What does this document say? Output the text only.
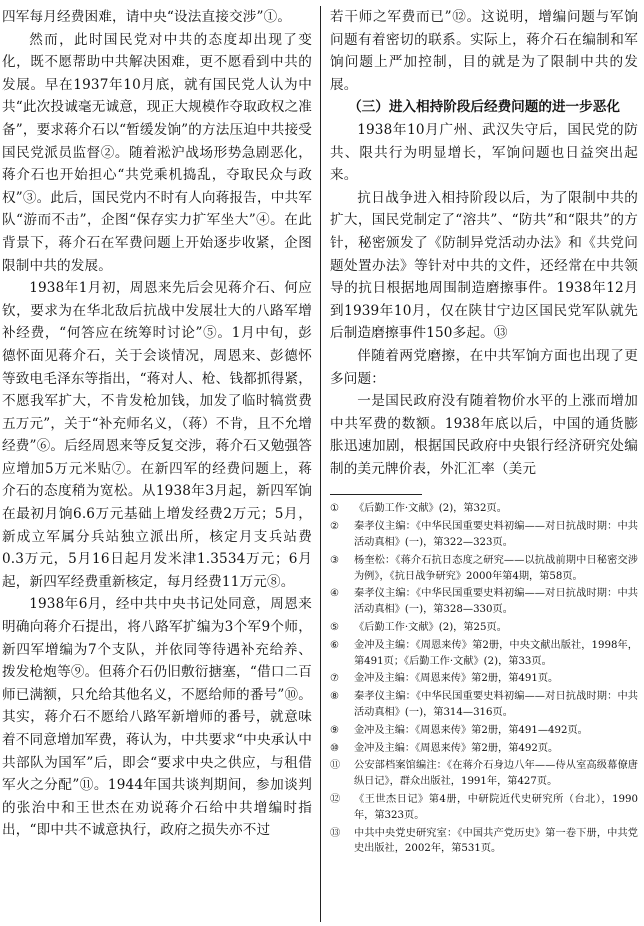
四军每月经费困难，请中央“设法直接交涉”①。

然而，此时国民党对中共的态度却出现了变化，既不愿帮助中共解决困难，更不愿看到中共的发展。早在1937年10月底，就有国民党人认为中共“此次投诚毫无诚意，现正大规模作夺取政权之准备”，要求蒋介石以“暂缓发饷”的方法压迫中共接受国民党派员监督②。随着淞沪战场形势急剧恶化，蒋介石也开始担心“共党乘机捣乱，夺取民众与政权”③。此后，国民党内不时有人向蒋报告，中共军队“游而不击”，企图“保存实力扩军坐大”④。在此背景下，蒋介石在军费问题上开始逐步收紧，企图限制中共的发展。

1938年1月初，周恩来先后会见蒋介石、何应钦，要求为在华北敌后抗战中发展壮大的八路军增补经费，“何答应在统筹时讨论”⑤。1月中旬，彭德怀面见蒋介石，关于会谈情况，周恩来、彭德怀等致电毛泽东等指出，“蒋对人、枪、钱都抓得紧，不愿我军扩大，不肯发枪加钱，加发了临时犒赏费五万元”，关于“补充师名义，（蒋）不肯，且不允增经费”⑥。后经周恩来等反复交涉，蒋介石又勉强答应增加5万元米贴⑦。在新四军的经费问题上，蒋介石的态度稍为宽松。从1938年3月起，新四军饷在最初月饷6.6万元基础上增发经费2万元；5月，新成立军属分兵站独立派出所，核定月支兵站费0.3万元，5月16日起月发米津1.3534万元；6月起，新四军经费重新核定，每月经费11万元⑧。

1938年6月，经中共中央书记处同意，周恩来明确向蒋介石提出，将八路军扩编为3个军9个师，新四军增编为7个支队，并依同等待遇补充给养、拨发枪炮等⑨。但蒋介石仍旧敷衍搪塞，“借口二百师已满额，只允给其他名义，不愿给师的番号”⑩。其实，蒋介石不愿给八路军新增师的番号，就意味着不同意增加军费，蒋认为，中共要求“中央承认中共部队为国军”后，即会“要求中央之供应，与租借军火之分配”⑪。1944年国共谈判期间，参加谈判的张治中和王世杰在劝说蒋介石给中共增编时指出，“即中共不诚意执行，政府之损失亦不过

若干师之军费而已”⑫。这说明，增编问题与军饷问题有着密切的联系。实际上，蒋介石在编制和军饷问题上严加控制，目的就是为了限制中共的发展。

（三）进入相持阶段后经费问题的进一步恶化

1938年10月广州、武汉失守后，国民党的防共、限共行为明显增长，军饷问题也日益突出起来。

抗日战争进入相持阶段以后，为了限制中共的扩大，国民党制定了“溶共”、“防共”和“限共”的方针，秘密颁发了《防制异党活动办法》和《共党问题处置办法》等针对中共的文件，还经常在中共领导的抗日根据地周围制造磨擦事件。1938年12月到1939年10月，仅在陕甘宁边区国民党军队就先后制造磨擦事件150多起。⑬

伴随着两党磨擦，在中共军饷方面也出现了更多问题：

一是国民政府没有随着物价水平的上涨而增加中共军费的数额。1938年底以后，中国的通货膨胀迅速加剧，根据国民政府中央银行经济研究处编制的美元牌价表，外汇汇率（美元

①	《后勤工作·文献》(2)，第32页。
②	秦孝仪主编：《中华民国重要史料初编——对日抗战时期：中共活动真相》(一)，第322—323页。
③	杨奎松：《蒋介石抗日态度之研究——以抗战前期中日秘密交涉为例》，《抗日战争研究》2000年第4期，第58页。
④	秦孝仪主编：《中华民国重要史料初编——对日抗战时期：中共活动真相》(一)，第328—330页。
⑤	《后勤工作·文献》(2)，第25页。
⑥	金冲及主编：《周恩来传》第2册，中央文献出版社，1998年，第491页；《后勤工作·文献》(2)，第33页。
⑦	金冲及主编：《周恩来传》第2册，第491页。
⑧	秦孝仪主编：《中华民国重要史料初编——对日抗战时期：中共活动真相》(一)，第314—316页。
⑨	金冲及主编：《周恩来传》第2册，第491—492页。
⑩	金冲及主编：《周恩来传》第2册，第492页。
⑪	公安部档案馆编注：《在蒋介石身边八年——侍从室高级幕僚唐纵日记》，群众出版社，1991年，第427页。
⑫	《王世杰日记》第4册，中研院近代史研究所（台北），1990年，第323页。
⑬	中共中央党史研究室：《中国共产党历史》第一卷下册，中共党史出版社，2002年，第531页。
